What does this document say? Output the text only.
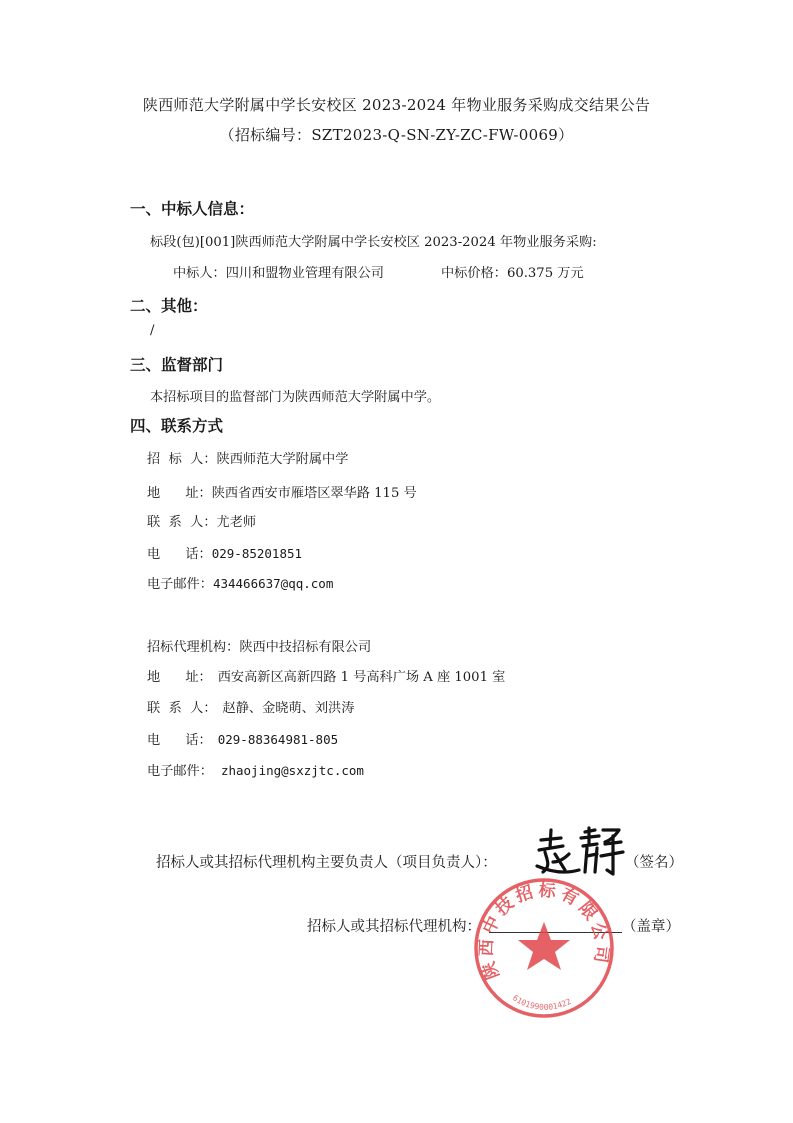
陕西师范大学附属中学长安校区 2023-2024 年物业服务采购成交结果公告
（招标编号：SZT2023-Q-SN-ZY-ZC-FW-0069）
一、中标人信息：
标段(包)[001]陕西师范大学附属中学长安校区 2023-2024 年物业服务采购:
中标人：四川和盟物业管理有限公司	中标价格：60.375 万元
二、其他：
/
三、监督部门
本招标项目的监督部门为陕西师范大学附属中学。
四、联系方式
招  标  人：陕西师范大学附属中学
地      址：陕西省西安市雁塔区翠华路 115 号
联  系  人：尤老师
电      话：029-85201851
电子邮件：434466637@qq.com
招标代理机构：陕西中技招标有限公司
地      址： 西安高新区高新四路 1 号高科广场 A 座 1001 室
联  系  人： 赵静、金晓萌、刘洪涛
电      话： 029-88364981-805
电子邮件： zhaojing@sxzjtc.com
招标人或其招标代理机构主要负责人（项目负责人）：	（签名）
招标人或其招标代理机构：	（盖章）
陕西中技招标有限公司
6101990001422
